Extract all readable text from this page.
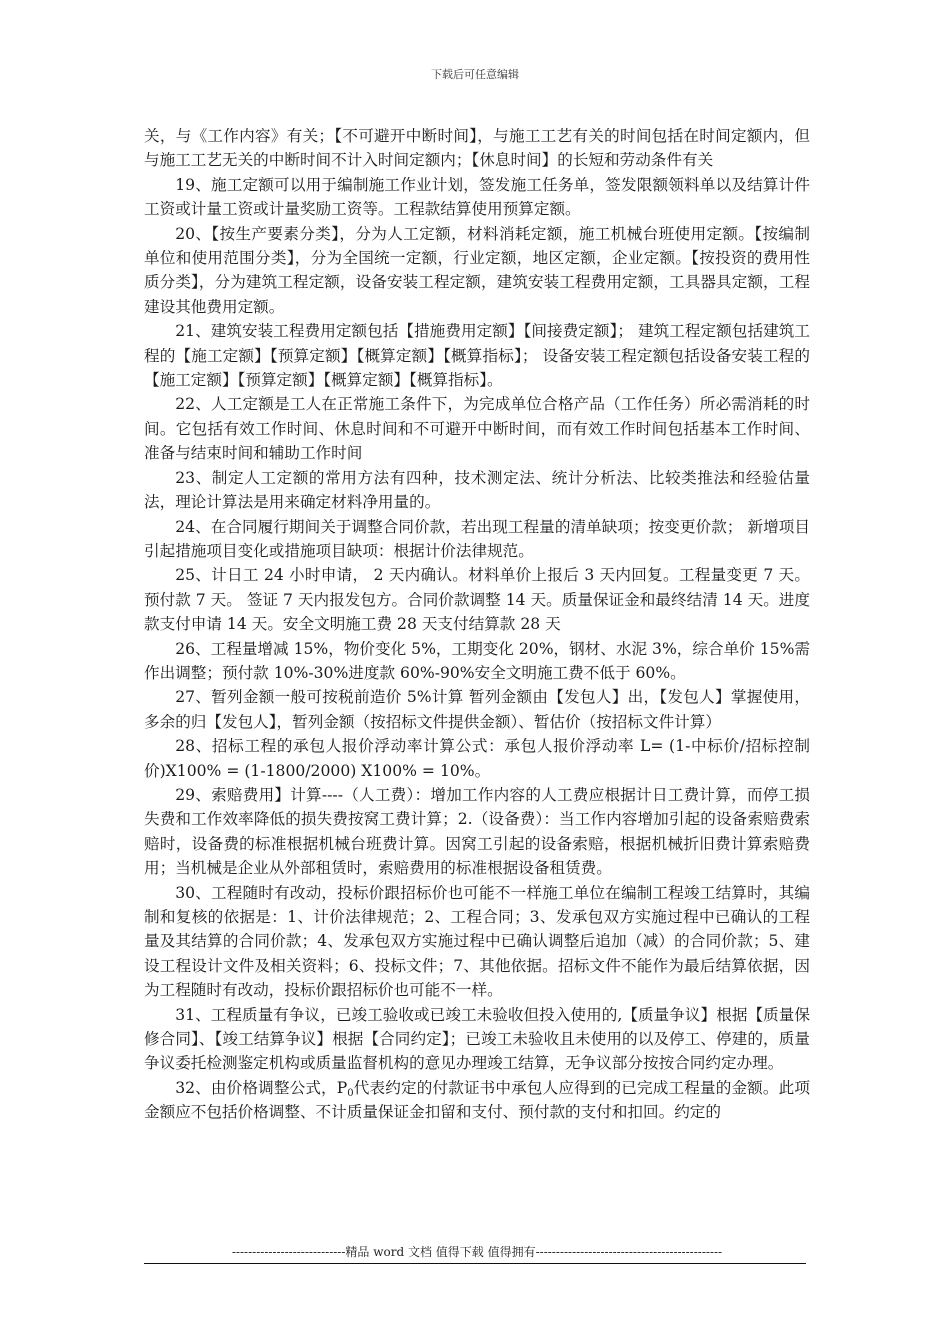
下载后可任意编辑

关，与《工作内容》有关；【不可避开中断时间】，与施工工艺有关的时间包括在时间定额内，但与施工工艺无关的中断时间不计入时间定额内；【休息时间】的长短和劳动条件有关

19、施工定额可以用于编制施工作业计划，签发施工任务单，签发限额领料单以及结算计件工资或计量工资或计量奖励工资等。工程款结算使用预算定额。

20、【按生产要素分类】，分为人工定额，材料消耗定额，施工机械台班使用定额。【按编制单位和使用范围分类】，分为全国统一定额，行业定额，地区定额，企业定额。【按投资的费用性质分类】，分为建筑工程定额，设备安装工程定额，建筑安装工程费用定额，工具器具定额，工程建设其他费用定额。

21、建筑安装工程费用定额包括【措施费用定额】【间接费定额】； 建筑工程定额包括建筑工程的【施工定额】【预算定额】【概算定额】【概算指标】； 设备安装工程定额包括设备安装工程的【施工定额】【预算定额】【概算定额】【概算指标】。

22、人工定额是工人在正常施工条件下，为完成单位合格产品（工作任务）所必需消耗的时间。它包括有效工作时间、休息时间和不可避开中断时间，而有效工作时间包括基本工作时间、准备与结束时间和辅助工作时间

23、制定人工定额的常用方法有四种，技术测定法、统计分析法、比较类推法和经验估量法，理论计算法是用来确定材料净用量的。

24、在合同履行期间关于调整合同价款，若出现工程量的清单缺项；按变更价款； 新增项目引起措施项目变化或措施项目缺项：根据计价法律规范。

25、计日工 24 小时申请， 2 天内确认。材料单价上报后 3 天内回复。工程量变更 7 天。预付款 7 天。 签证 7 天内报发包方。合同价款调整 14 天。质量保证金和最终结清 14 天。进度款支付申请 14 天。安全文明施工费 28 天支付结算款 28 天

26、工程量增减 15%，物价变化 5%，工期变化 20%，钢材、水泥 3%，综合单价 15%需作出调整；预付款 10%-30%进度款 60%-90%安全文明施工费不低于 60%。

27、暂列金额一般可按税前造价 5%计算 暂列金额由【发包人】出，【发包人】掌握使用，多余的归【发包人】，暂列金额（按招标文件提供金额）、暂估价（按招标文件计算）

28、招标工程的承包人报价浮动率计算公式：承包人报价浮动率 L= (1-中标价/招标控制价)X100% = (1-1800/2000) X100% = 10%。

29、索赔费用】计算----（人工费）：增加工作内容的人工费应根据计日工费计算，而停工损失费和工作效率降低的损失费按窝工费计算；2.（设备费）：当工作内容增加引起的设备索赔费索赔时，设备费的标准根据机械台班费计算。因窝工引起的设备索赔，根据机械折旧费计算索赔费用；当机械是企业从外部租赁时，索赔费用的标准根据设备租赁费。

30、工程随时有改动，投标价跟招标价也可能不一样施工单位在编制工程竣工结算时，其编制和复核的依据是：1、计价法律规范；2、工程合同；3、发承包双方实施过程中已确认的工程量及其结算的合同价款；4、发承包双方实施过程中已确认调整后追加（减）的合同价款；5、建设工程设计文件及相关资料；6、投标文件；7、其他依据。招标文件不能作为最后结算依据，因为工程随时有改动，投标价跟招标价也可能不一样。

31、工程质量有争议，已竣工验收或已竣工未验收但投入使用的,【质量争议】根据【质量保修合同】、【竣工结算争议】根据【合同约定】；已竣工未验收且未使用的以及停工、停建的，质量争议委托检测鉴定机构或质量监督机构的意见办理竣工结算，无争议部分按按合同约定办理。

32、由价格调整公式，$P_0$代表约定的付款证书中承包人应得到的已完成工程量的金额。此项金额应不包括价格调整、不计质量保证金扣留和支付、预付款的支付和扣回。约定的

----------------------------精品 word 文档 值得下载 值得拥有----------------------------------------------
